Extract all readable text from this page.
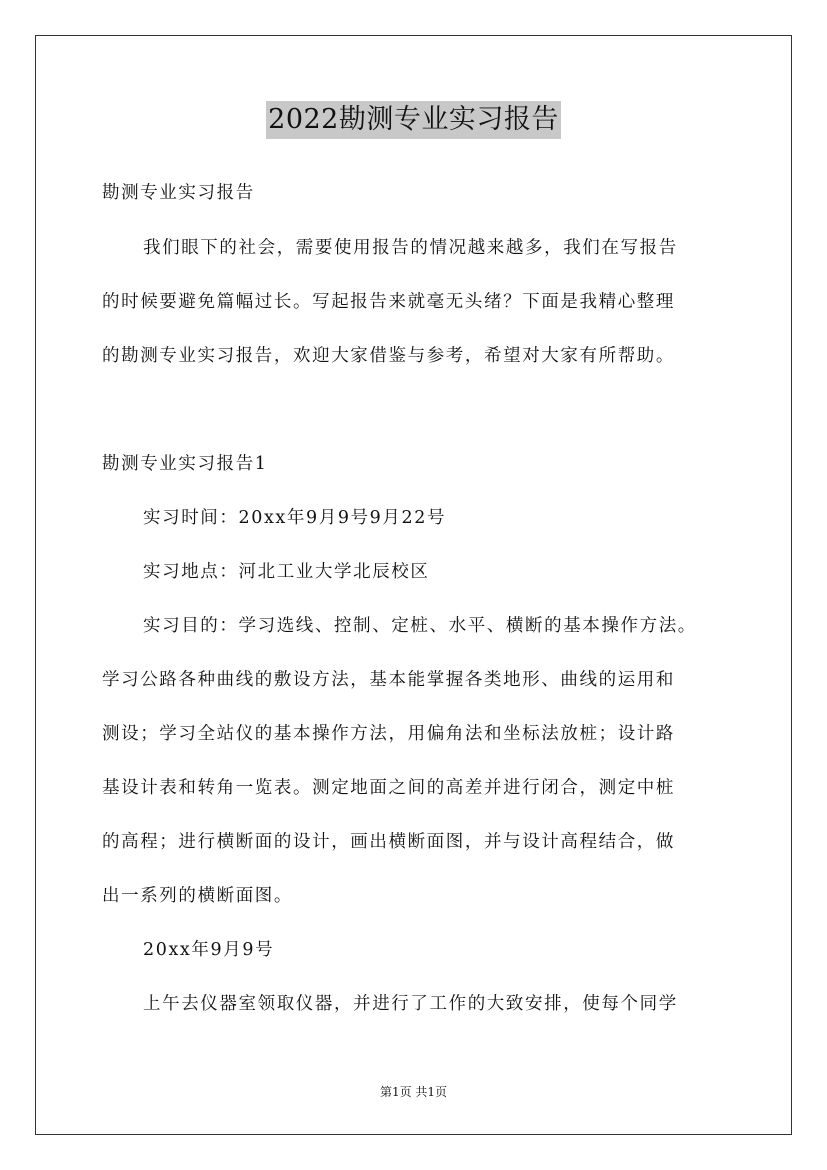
2022勘测专业实习报告
勘测专业实习报告
我们眼下的社会，需要使用报告的情况越来越多，我们在写报告
的时候要避免篇幅过长。写起报告来就毫无头绪？下面是我精心整理
的勘测专业实习报告，欢迎大家借鉴与参考，希望对大家有所帮助。
勘测专业实习报告1
实习时间：20xx年9月9号9月22号
实习地点：河北工业大学北辰校区
实习目的：学习选线、控制、定桩、水平、横断的基本操作方法。
学习公路各种曲线的敷设方法，基本能掌握各类地形、曲线的运用和
测设；学习全站仪的基本操作方法，用偏角法和坐标法放桩；设计路
基设计表和转角一览表。测定地面之间的高差并进行闭合，测定中桩
的高程；进行横断面的设计，画出横断面图，并与设计高程结合，做
出一系列的横断面图。
20xx年9月9号
上午去仪器室领取仪器，并进行了工作的大致安排，使每个同学
第1页 共1页
